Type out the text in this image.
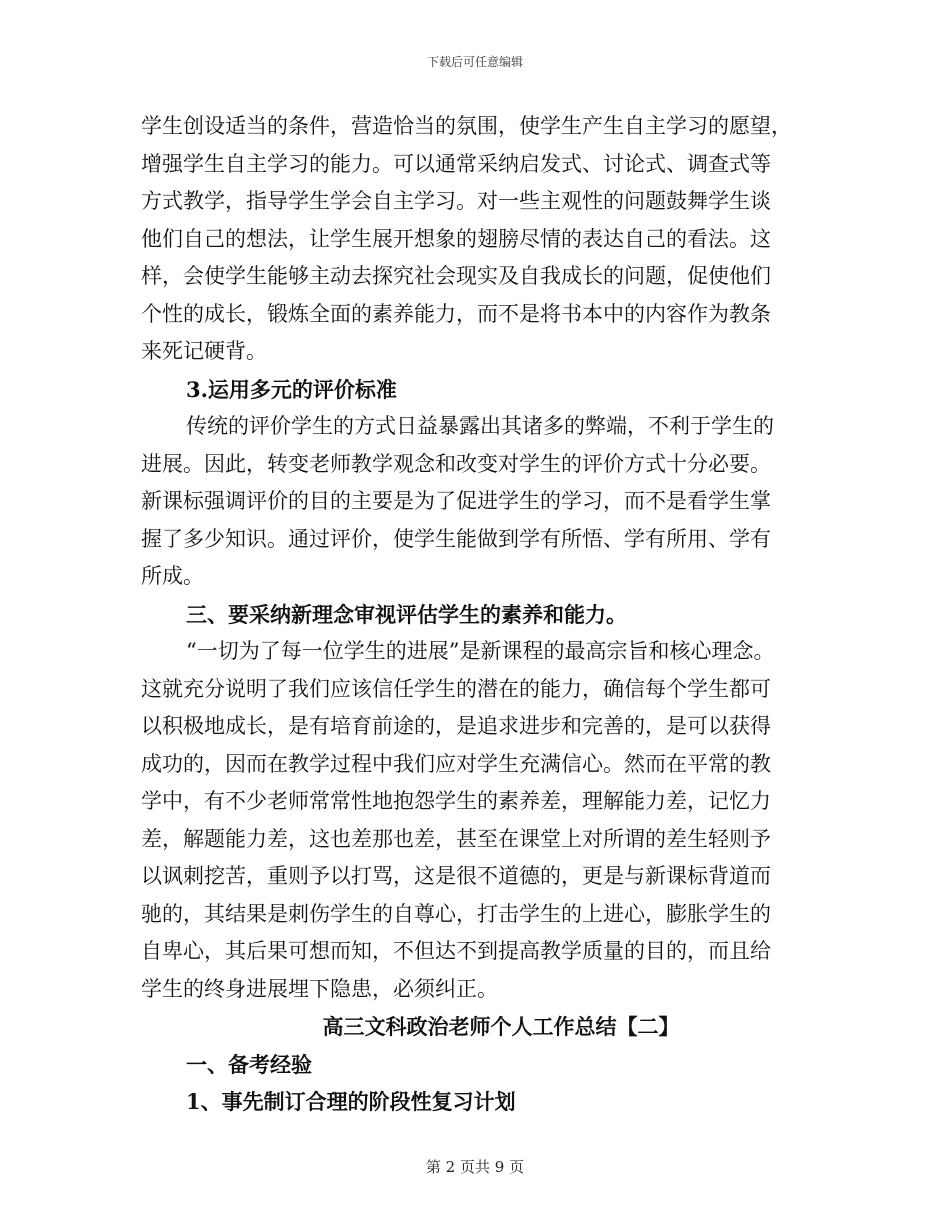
下载后可任意编辑
学生创设适当的条件，营造恰当的氛围，使学生产生自主学习的愿望，
增强学生自主学习的能力。可以通常采纳启发式、讨论式、调查式等
方式教学，指导学生学会自主学习。对一些主观性的问题鼓舞学生谈
他们自己的想法，让学生展开想象的翅膀尽情的表达自己的看法。这
样，会使学生能够主动去探究社会现实及自我成长的问题，促使他们
个性的成长，锻炼全面的素养能力，而不是将书本中的内容作为教条
来死记硬背。
3.运用多元的评价标准
传统的评价学生的方式日益暴露出其诸多的弊端，不利于学生的
进展。因此，转变老师教学观念和改变对学生的评价方式十分必要。
新课标强调评价的目的主要是为了促进学生的学习，而不是看学生掌
握了多少知识。通过评价，使学生能做到学有所悟、学有所用、学有
所成。
三、要采纳新理念审视评估学生的素养和能力。
“一切为了每一位学生的进展”是新课程的最高宗旨和核心理念。
这就充分说明了我们应该信任学生的潜在的能力，确信每个学生都可
以积极地成长，是有培育前途的，是追求进步和完善的，是可以获得
成功的，因而在教学过程中我们应对学生充满信心。然而在平常的教
学中，有不少老师常常性地抱怨学生的素养差，理解能力差，记忆力
差，解题能力差，这也差那也差，甚至在课堂上对所谓的差生轻则予
以讽刺挖苦，重则予以打骂，这是很不道德的，更是与新课标背道而
驰的，其结果是刺伤学生的自尊心，打击学生的上进心，膨胀学生的
自卑心，其后果可想而知，不但达不到提高教学质量的目的，而且给
学生的终身进展埋下隐患，必须纠正。
高三文科政治老师个人工作总结【二】
一、备考经验
1、事先制订合理的阶段性复习计划
第 2 页共 9 页
